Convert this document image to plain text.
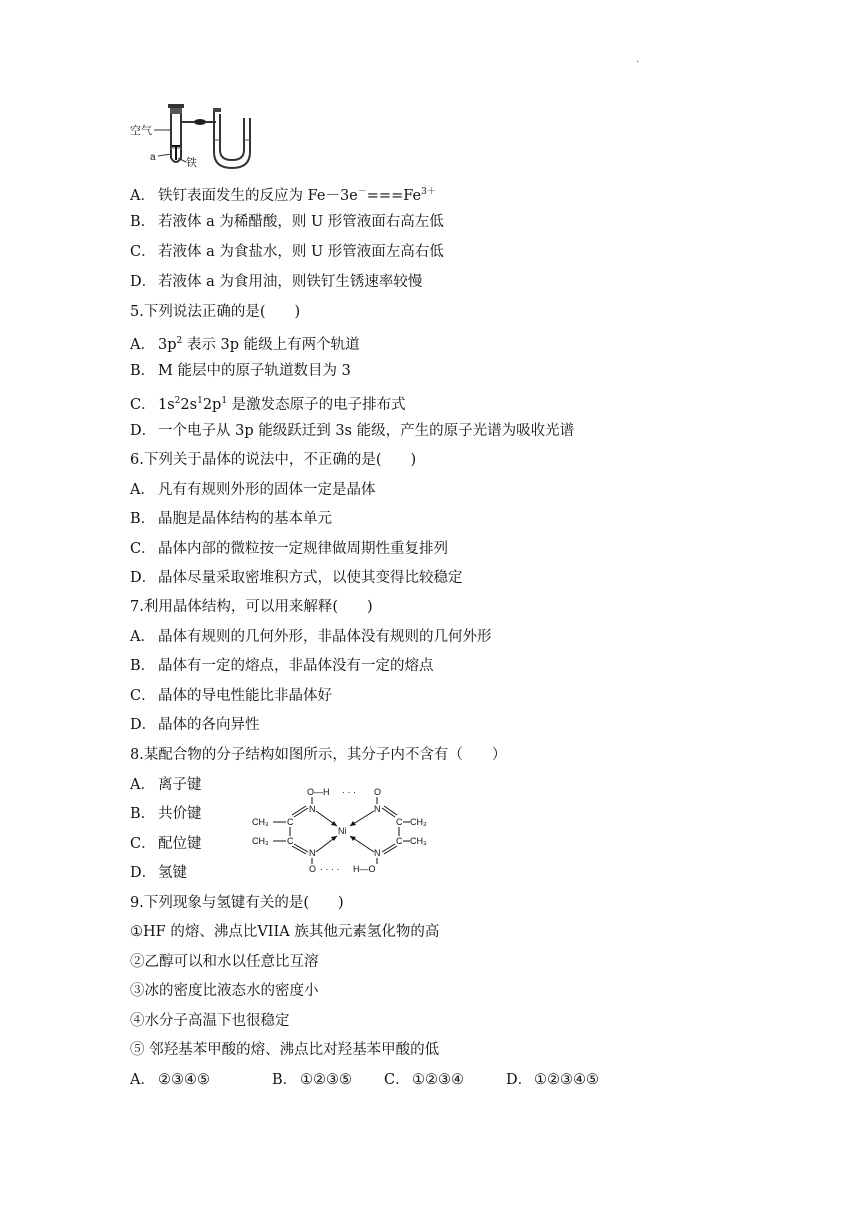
.
空气
a	铁
A． 铁钉表面发生的反应为 $Fe-3e^-===Fe^{3+}$
B． 若液体 a 为稀醋酸，则 U 形管液面右高左低
C． 若液体 a 为食盐水，则 U 形管液面左高右低
D． 若液体 a 为食用油，则铁钉生锈速率较慢
5.下列说法正确的是(　　)
A． $3p^2$ 表示 3p 能级上有两个轨道
B． M 能层中的原子轨道数目为 3
C． $1s^22s^12p^1$ 是激发态原子的电子排布式
D． 一个电子从 3p 能级跃迁到 3s 能级，产生的原子光谱为吸收光谱
6.下列关于晶体的说法中，不正确的是(　　)
A． 凡有有规则外形的固体一定是晶体
B． 晶胞是晶体结构的基本单元
C． 晶体内部的微粒按一定规律做周期性重复排列
D． 晶体尽量采取密堆积方式，以使其变得比较稳定
7.利用晶体结构，可以用来解释(　　)
A． 晶体有规则的几何外形，非晶体没有规则的几何外形
B． 晶体有一定的熔点，非晶体没有一定的熔点
C． 晶体的导电性能比非晶体好
D． 晶体的各向异性
8.某配合物的分子结构如图所示，其分子内不含有（　　）
A． 离子键
B． 共价键
C． 配位键
D． 氢键
O—H · · · O
O · · · · H—O
N	N
N	N
C
C
C
C
CH₃
CH₃
CH₃
CH₃
Ni
9.下列现象与氢键有关的是(　　)
①HF 的熔、沸点比VIIA 族其他元素氢化物的高
②乙醇可以和水以任意比互溶
③冰的密度比液态水的密度小
④水分子高温下也很稳定
⑤ 邻羟基苯甲酸的熔、沸点比对羟基苯甲酸的低
A． ②③④⑤	B． ①②③⑤ C． ①②③④	D． ①②③④⑤
